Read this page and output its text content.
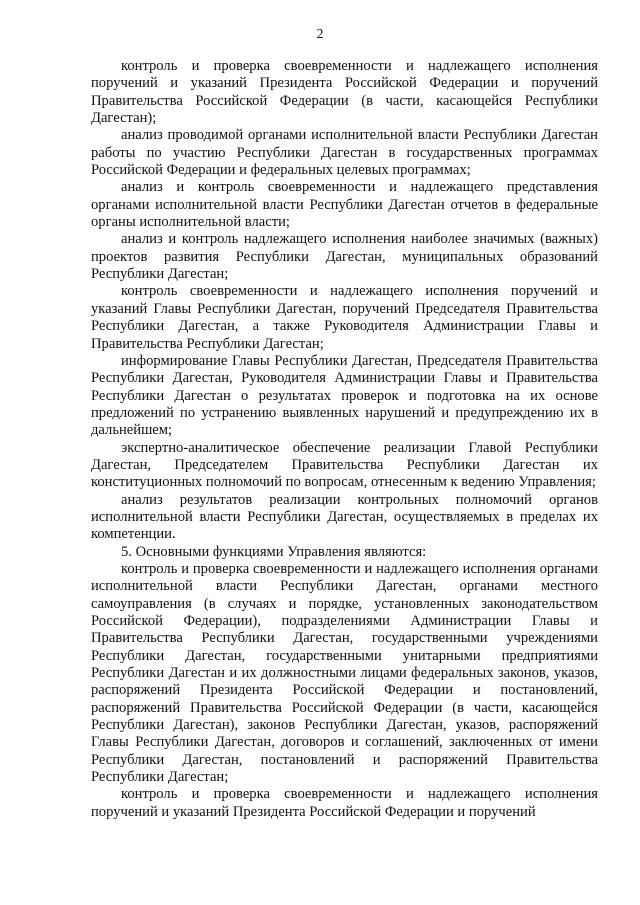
2

контроль и проверка своевременности и надлежащего исполнения поручений и указаний Президента Российской Федерации и поручений Правительства Российской Федерации (в части, касающейся Республики Дагестан);

анализ проводимой органами исполнительной власти Республики Дагестан работы по участию Республики Дагестан в государственных программах Российской Федерации и федеральных целевых программах;

анализ и контроль своевременности и надлежащего представления органами исполнительной власти Республики Дагестан отчетов в федеральные органы исполнительной власти;

анализ и контроль надлежащего исполнения наиболее значимых (важных) проектов развития Республики Дагестан, муниципальных образований Республики Дагестан;

контроль своевременности и надлежащего исполнения поручений и указаний Главы Республики Дагестан, поручений Председателя Правительства Республики Дагестан, а также Руководителя Администрации Главы и Правительства Республики Дагестан;

информирование Главы Республики Дагестан, Председателя Правительства Республики Дагестан, Руководителя Администрации Главы и Правительства Республики Дагестан о результатах проверок и подготовка на их основе предложений по устранению выявленных нарушений и предупреждению их в дальнейшем;

экспертно-аналитическое обеспечение реализации Главой Республики Дагестан, Председателем Правительства Республики Дагестан их конституционных полномочий по вопросам, отнесенным к ведению Управления;

анализ результатов реализации контрольных полномочий органов исполнительной власти Республики Дагестан, осуществляемых в пределах их компетенции.

5. Основными функциями Управления являются:

контроль и проверка своевременности и надлежащего исполнения органами исполнительной власти Республики Дагестан, органами местного самоуправления (в случаях и порядке, установленных законодательством Российской Федерации), подразделениями Администрации Главы и Правительства Республики Дагестан, государственными учреждениями Республики Дагестан, государственными унитарными предприятиями Республики Дагестан и их должностными лицами федеральных законов, указов, распоряжений Президента Российской Федерации и постановлений, распоряжений Правительства Российской Федерации (в части, касающейся Республики Дагестан), законов Республики Дагестан, указов, распоряжений Главы Республики Дагестан, договоров и соглашений, заключенных от имени Республики Дагестан, постановлений и распоряжений Правительства Республики Дагестан;

контроль и проверка своевременности и надлежащего исполнения поручений и указаний Президента Российской Федерации и поручений
